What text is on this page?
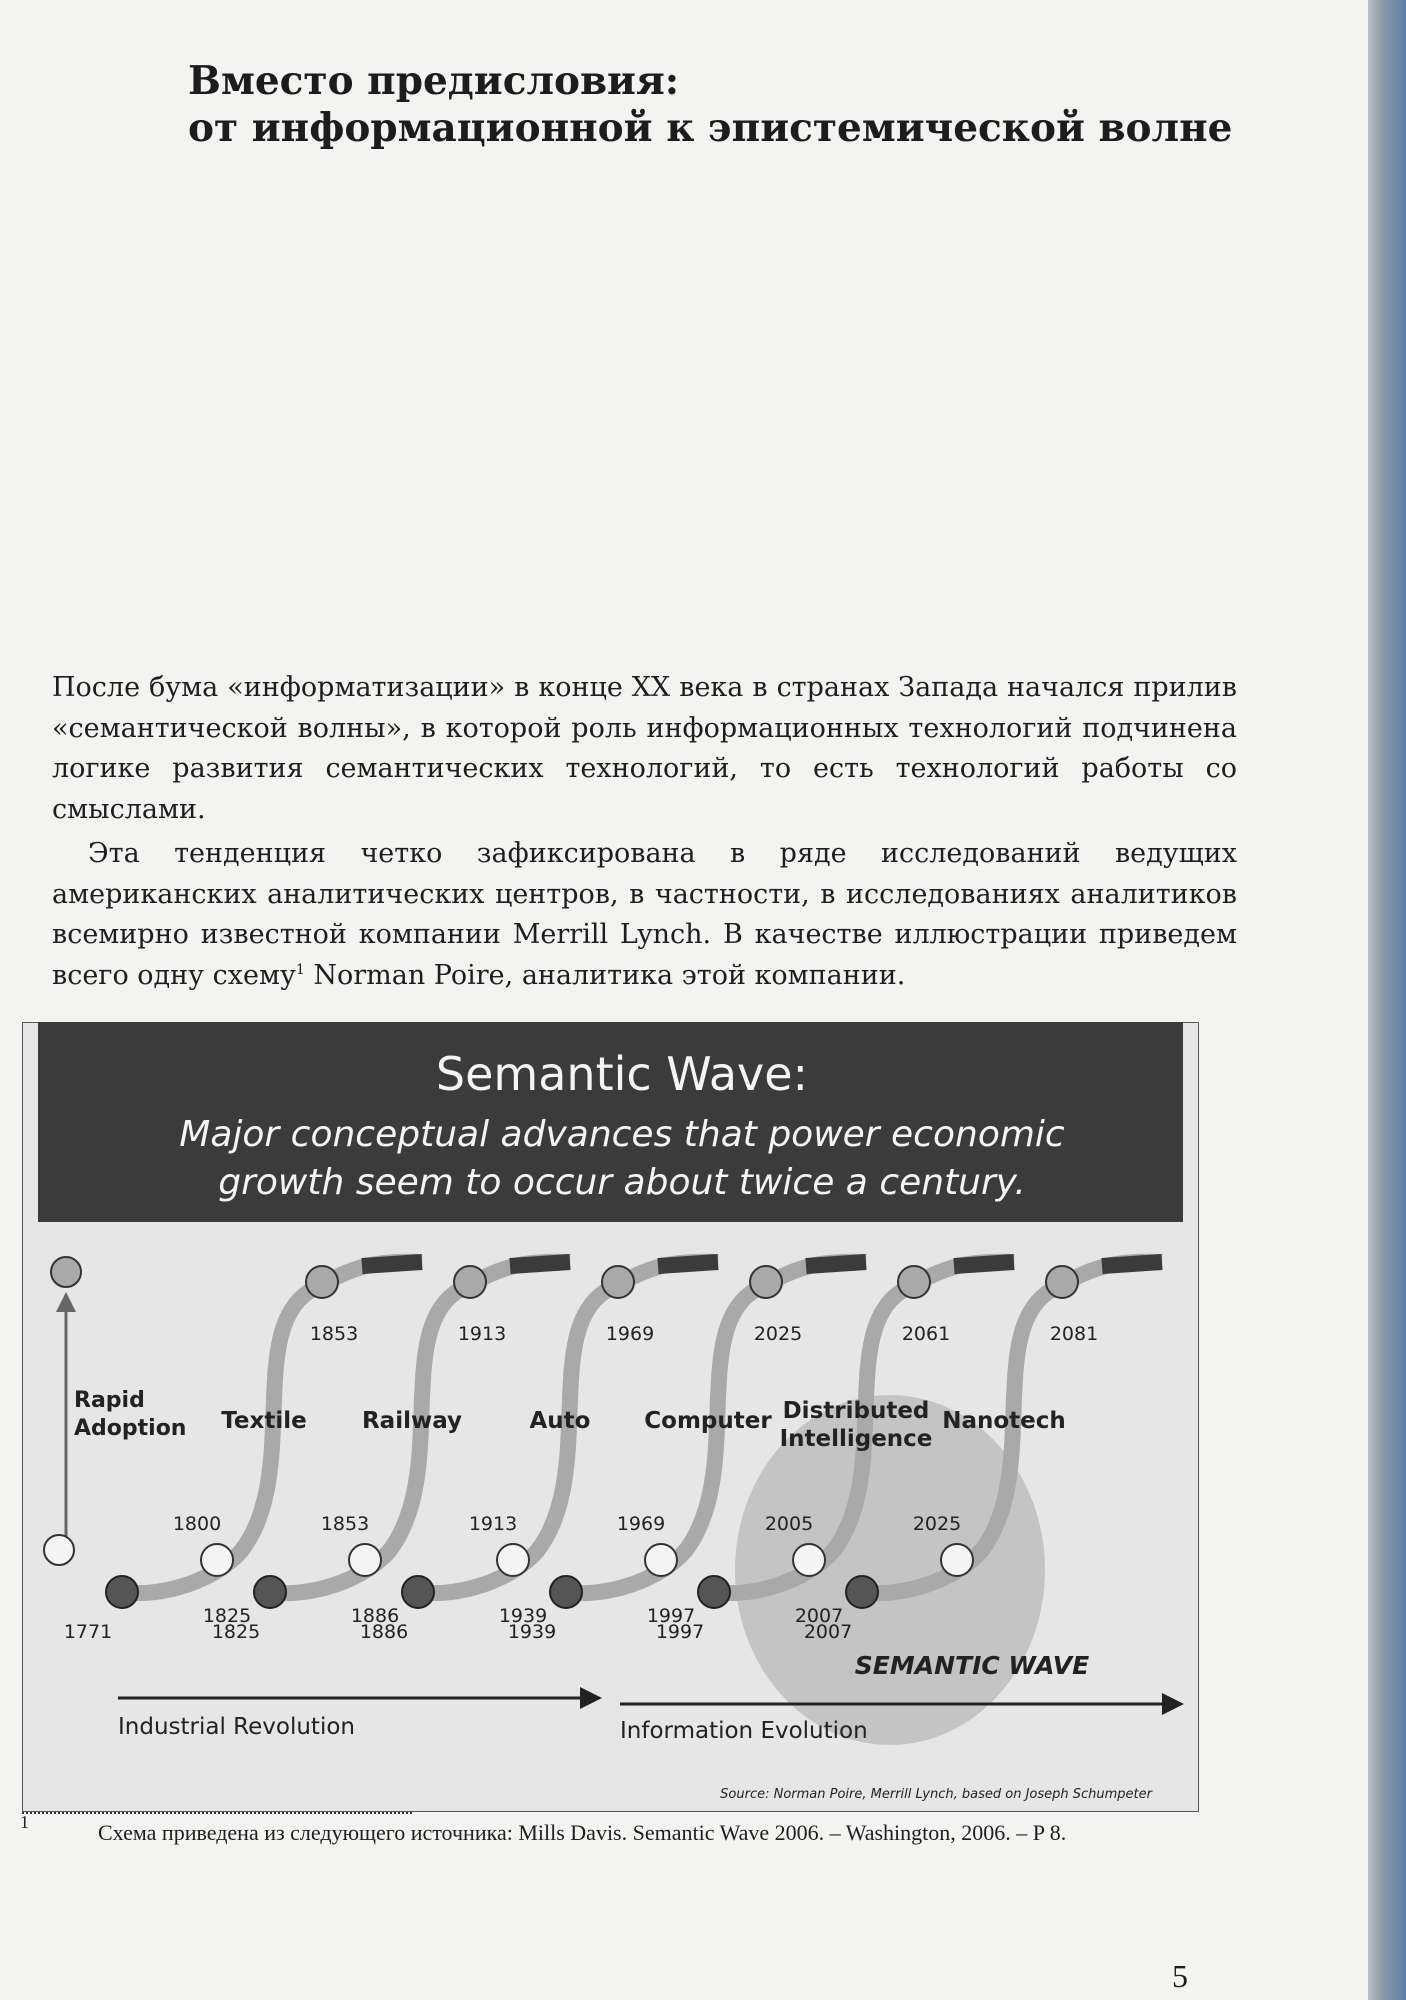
Вместо предисловия:
от информационной к эпистемической волне

После бума «информатизации» в конце XX века в странах Запада начался прилив «семантической волны», в которой роль информационных технологий подчинена логике развития семантических технологий, то есть технологий работы со смыслами.

Эта тенденция четко зафиксирована в ряде исследований ведущих американских аналитических центров, в частности, в исследованиях аналитиков всемирно известной компании Merrill Lynch. В качестве иллюстрации приведем всего одну схему$^1$ Norman Poire, аналитика этой компании.

Semantic Wave:
Major conceptual advances that power economic
growth seem to occur about twice a century.
Rapid
Adoption
1771
1825
1800
1853
Textile
1825
1886
1853
1913
Railway
1886
1939
1913
1969
Auto
1939
1997
1969
2025
Computer
1997
2007
2005
2061
Distributed
Intelligence
2007
2025
2081
Nanotech
SEMANTIC WAVE
Industrial Revolution	Information Evolution
Source: Norman Poire, Merrill Lynch, based on Joseph Schumpeter
1	Схема приведена из следующего источника: Mills Davis. Semantic Wave 2006. – Washington, 2006. – P 8.
5
